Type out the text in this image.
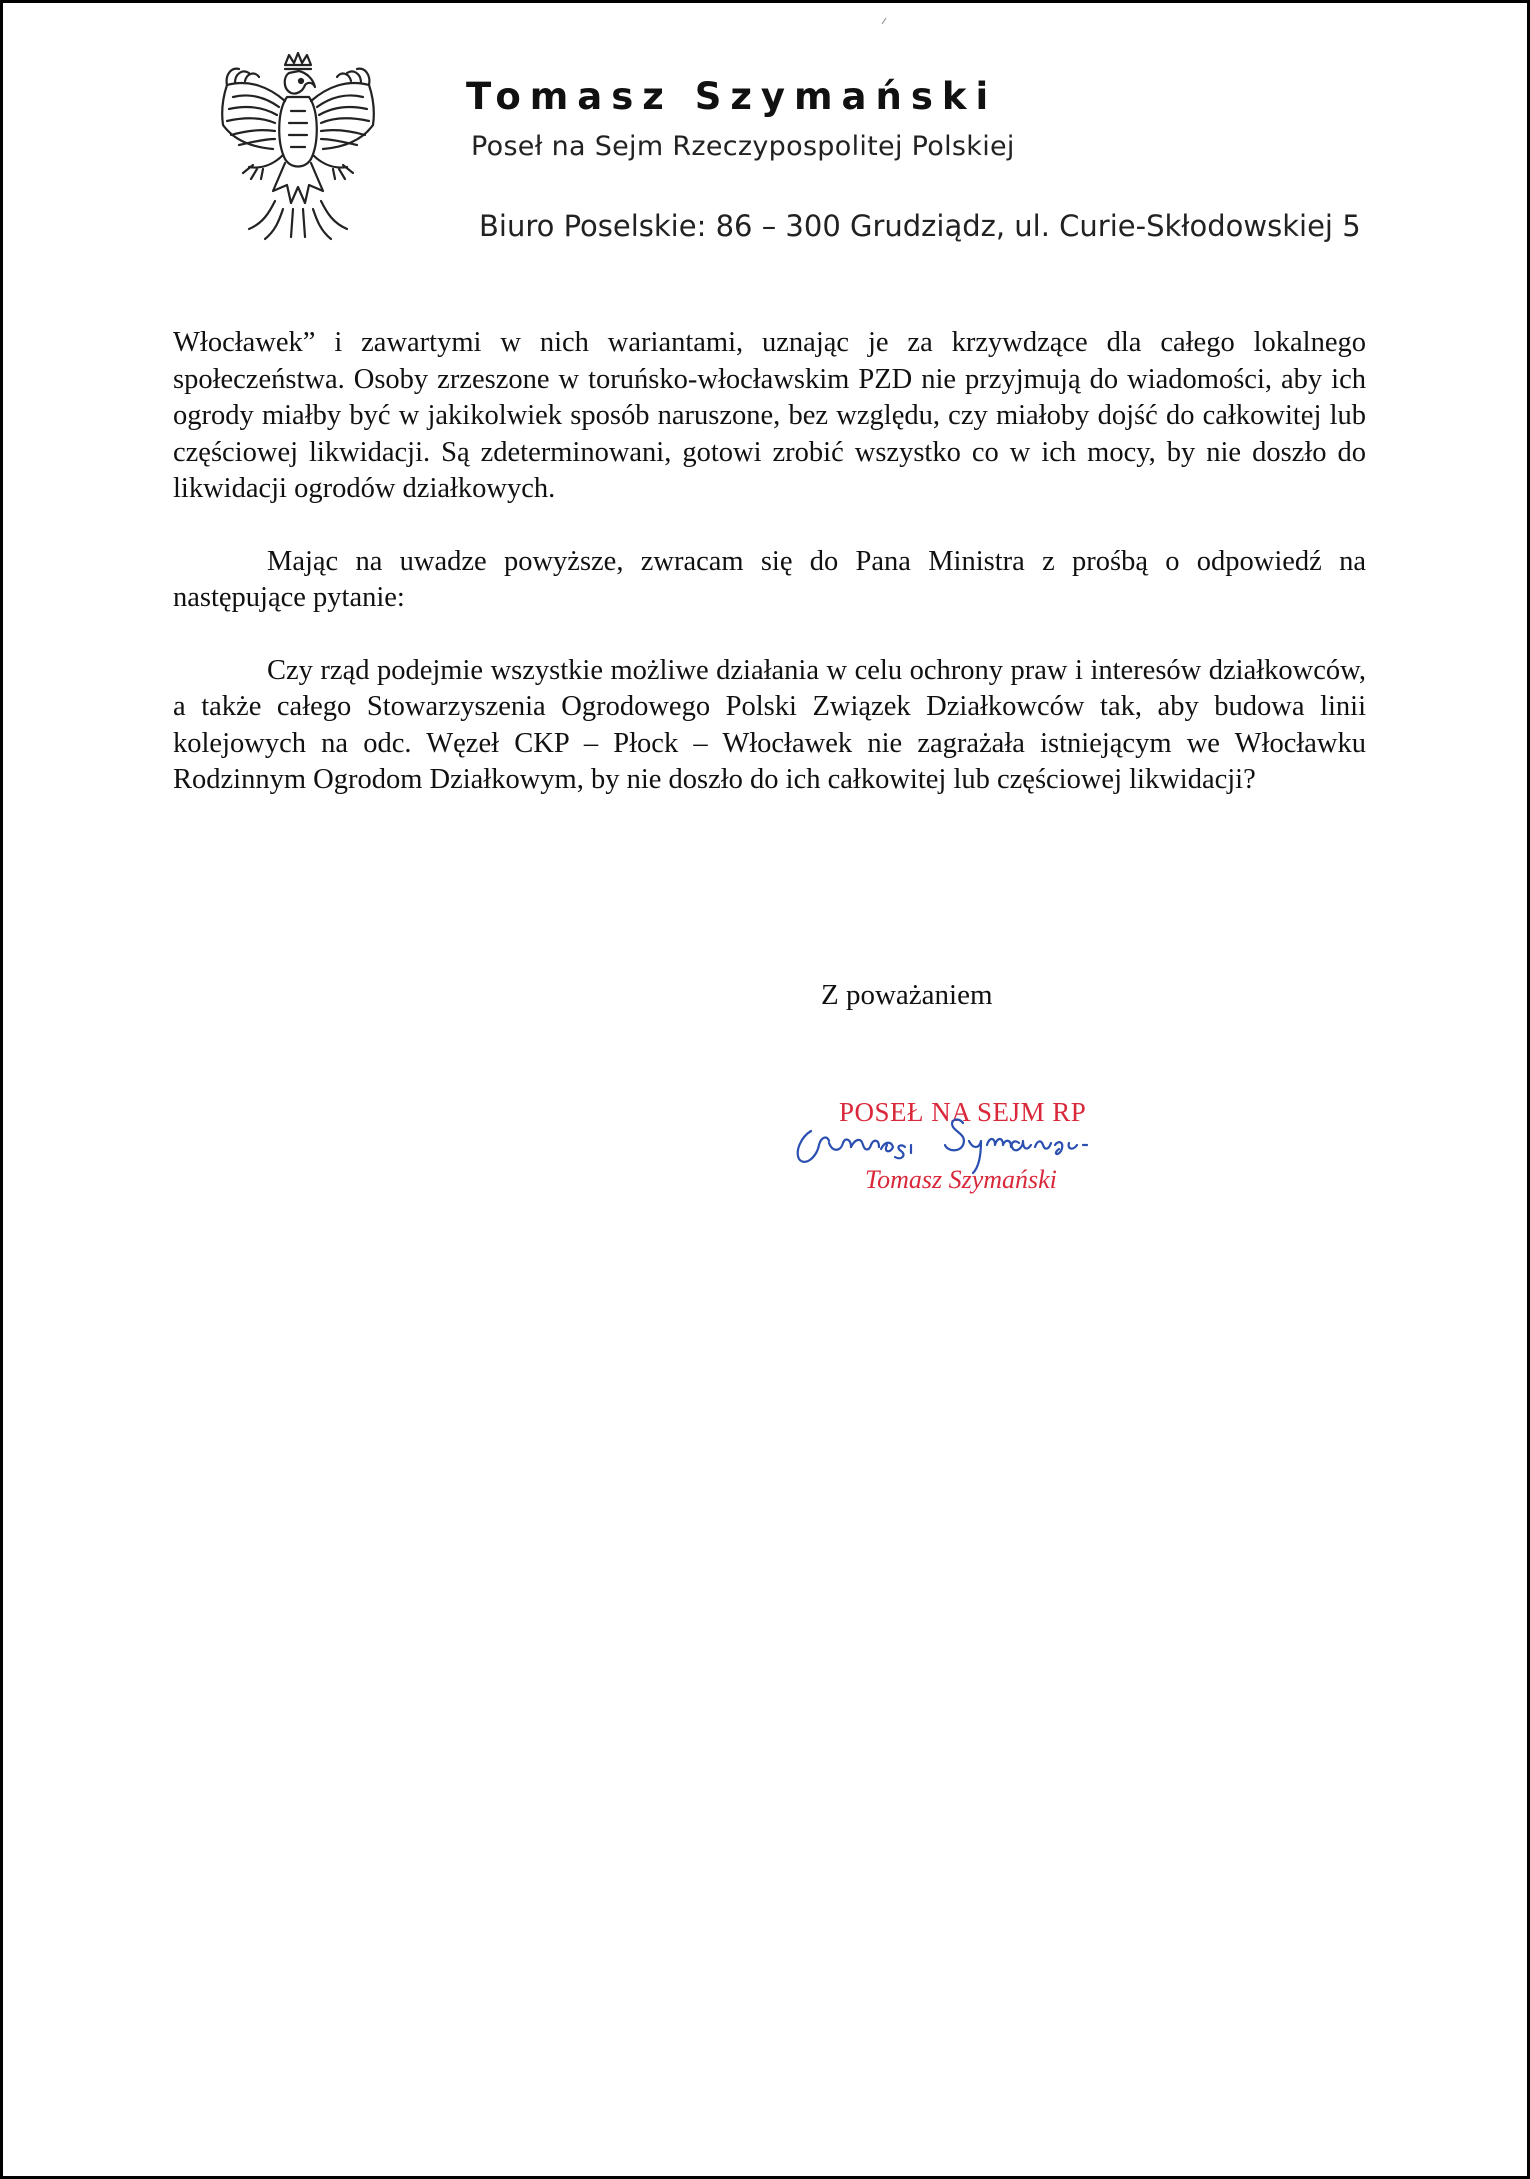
Tomasz Szymański
Poseł na Sejm Rzeczypospolitej Polskiej
Biuro Poselskie: 86 – 300 Grudziądz, ul. Curie-Skłodowskiej 5

Włocławek” i zawartymi w nich wariantami, uznając je za krzywdzące dla całego lokalnego społeczeństwa. Osoby zrzeszone w toruńsko-włocławskim PZD nie przyjmują do wiadomości, aby ich ogrody miałby być w jakikolwiek sposób naruszone, bez względu, czy miałoby dojść do całkowitej lub częściowej likwidacji. Są zdeterminowani, gotowi zrobić wszystko co w ich mocy, by nie doszło do likwidacji ogrodów działkowych.

Mając na uwadze powyższe, zwracam się do Pana Ministra z prośbą o odpowiedź na następujące pytanie:

Czy rząd podejmie wszystkie możliwe działania w celu ochrony praw i interesów działkowców, a także całego Stowarzyszenia Ogrodowego Polski Związek Działkowców tak, aby budowa linii kolejowych na odc. Węzeł CKP – Płock – Włocławek nie zagrażała istniejącym we Włocławku Rodzinnym Ogrodom Działkowym, by nie doszło do ich całkowitej lub częściowej likwidacji?

Z poważaniem
POSEŁ NA SEJM RP
Tomasz Szymański
